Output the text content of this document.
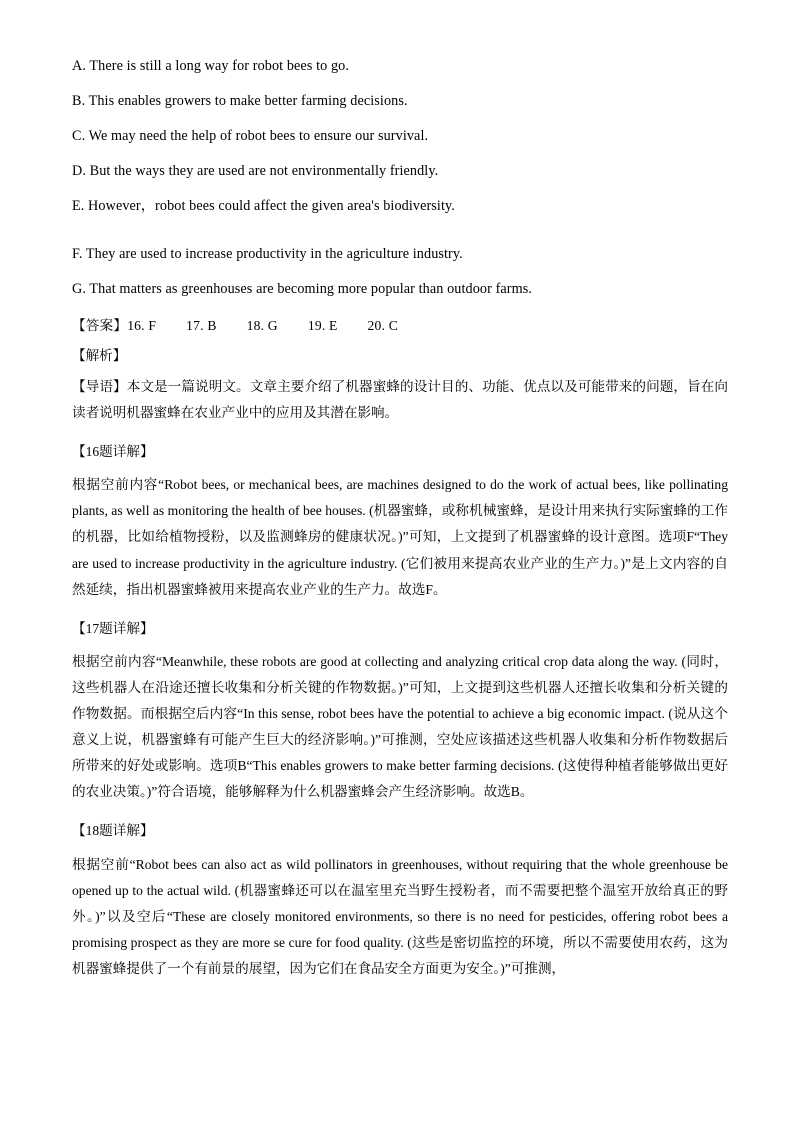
A. There is still a long way for robot bees to go.

B. This enables growers to make better farming decisions.

C. We may need the help of robot bees to ensure our survival.

D. But the ways they are used are not environmentally friendly.

E. However，robot bees could affect the given area's biodiversity.

F. They are used to increase productivity in the agriculture industry.

G. That matters as greenhouses are becoming more popular than outdoor farms.

【答案】16. F 17. B 18. G 19. E 20. C

【解析】

【导语】本文是一篇说明文。文章主要介绍了机器蜜蜂的设计目的、功能、优点以及可能带来的问题，旨在向读者说明机器蜜蜂在农业产业中的应用及其潜在影响。

【16题详解】

根据空前内容“Robot bees, or mechanical bees, are machines designed to do the work of actual bees, like pollinating plants, as well as monitoring the health of bee houses. (机器蜜蜂，或称机械蜜蜂，是设计用来执行实际蜜蜂的工作的机器，比如给植物授粉，以及监测蜂房的健康状况。)”可知，上文提到了机器蜜蜂的设计意图。选项F“They are used to increase productivity in the agriculture industry. (它们被用来提高农业产业的生产力。)”是上文内容的自然延续，指出机器蜜蜂被用来提高农业产业的生产力。故选F。

【17题详解】

根据空前内容“Meanwhile, these robots are good at collecting and analyzing critical crop data along the way. (同时，这些机器人在沿途还擅长收集和分析关键的作物数据。)”可知，上文提到这些机器人还擅长收集和分析关键的作物数据。而根据空后内容“In this sense, robot bees have the potential to achieve a big economic impact. (说从这个意义上说，机器蜜蜂有可能产生巨大的经济影响。)”可推测，空处应该描述这些机器人收集和分析作物数据后所带来的好处或影响。选项B“This enables growers to make better farming decisions. (这使得种植者能够做出更好的农业决策。)”符合语境，能够解释为什么机器蜜蜂会产生经济影响。故选B。

【18题详解】

根据空前“Robot bees can also act as wild pollinators in greenhouses, without requiring that the whole greenhouse be opened up to the actual wild. (机器蜜蜂还可以在温室里充当野生授粉者，而不需要把整个温室开放给真正的野外。)”以及空后“These are closely monitored environments, so there is no need for pesticides, offering robot bees a promising prospect as they are more se cure for food quality. (这些是密切监控的环境，所以不需要使用农药，这为机器蜜蜂提供了一个有前景的展望，因为它们在食品安全方面更为安全。)”可推测，
